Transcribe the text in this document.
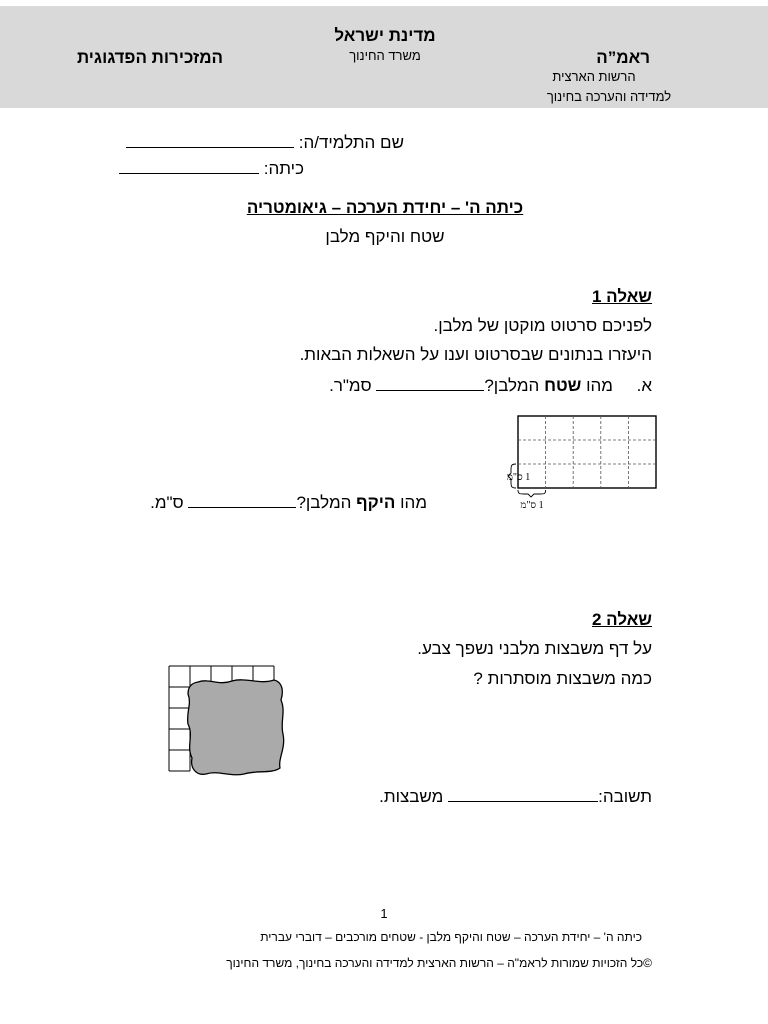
מדינת ישראל
משרד החינוך
המזכירות הפדגוגית	ראמ”ה
הרשות הארצית
למדידה והערכה בחינוך
שם התלמיד/ה:
כיתה:
כיתה ה' – יחידת הערכה – גיאומטריה
שטח והיקף מלבן
שאלה 1
לפניכם סרטוט מוקטן של מלבן.
היעזרו בנתונים שבסרטוט וענו על השאלות הבאות.
א.     מהו שטח המלבן? סמ"ר.
1 ס"מ
1 ס"מ
מהו היקף המלבן? ס"מ.
שאלה 2
על דף משבצות מלבני נשפך צבע.
כמה משבצות מוסתרות ?
תשובה: משבצות.
1
כיתה ה' – יחידת הערכה – שטח והיקף מלבן - שטחים מורכבים – דוברי עברית
©כל הזכויות שמורות לראמ"ה – הרשות הארצית למדידה והערכה בחינוך, משרד החינוך
